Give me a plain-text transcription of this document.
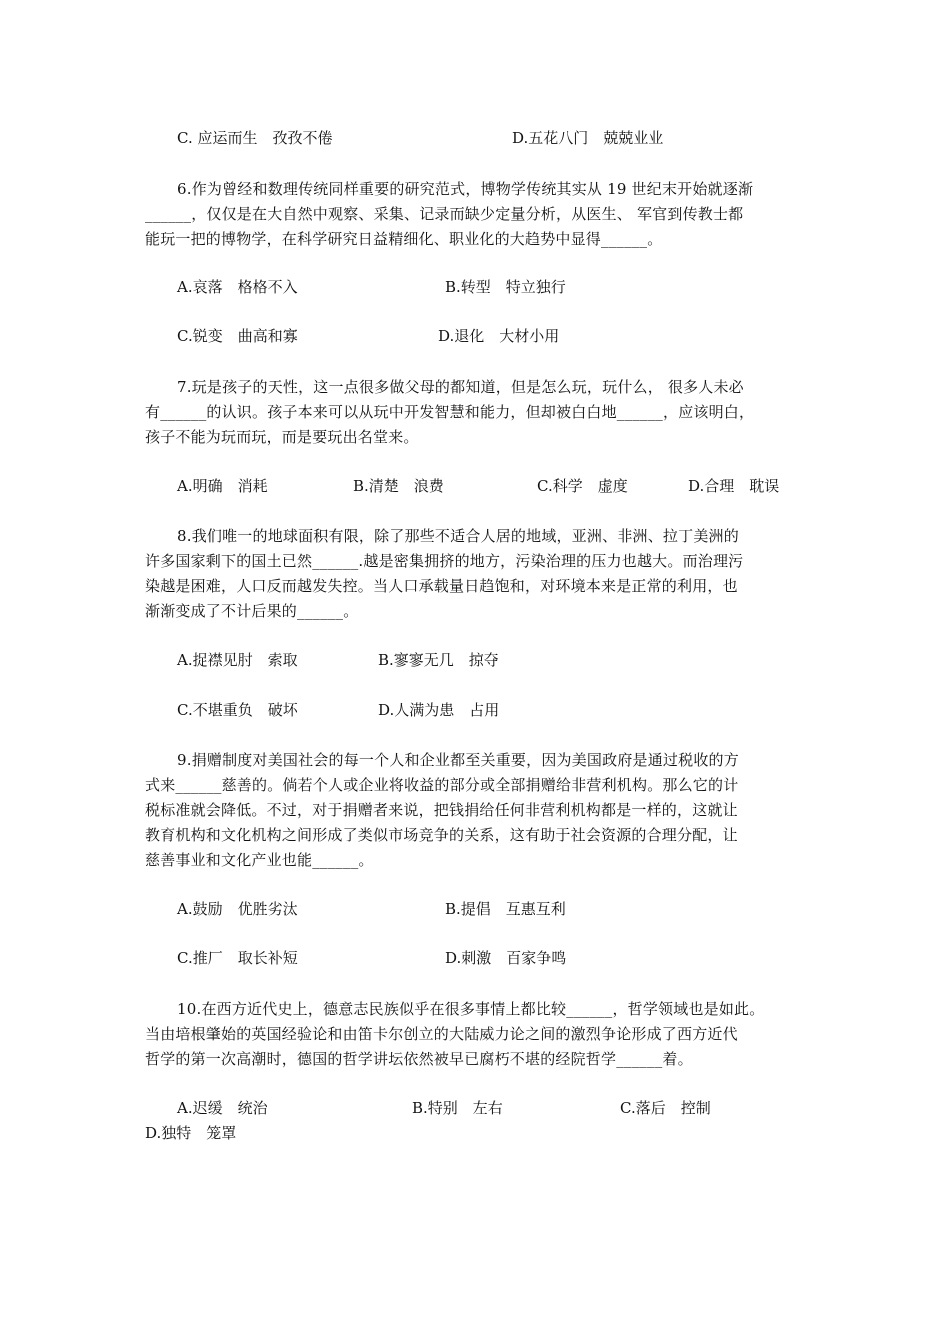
C. 应运而生　孜孜不倦	D.五花八门　兢兢业业
6.作为曾经和数理传统同样重要的研究范式，博物学传统其实从 19 世纪末开始就逐渐
______，仅仅是在大自然中观察、采集、记录而缺少定量分析，从医生、 军官到传教士都
能玩一把的博物学，在科学研究日益精细化、职业化的大趋势中显得______。
A.哀落　格格不入	B.转型　特立独行
C.锐变　曲高和寡	D.退化　大材小用
7.玩是孩子的天性，这一点很多做父母的都知道，但是怎么玩，玩什么， 很多人未必
有______的认识。孩子本来可以从玩中开发智慧和能力，但却被白白地______，应该明白，
孩子不能为玩而玩，而是要玩出名堂来。
A.明确　消耗	B.清楚　浪费	C.科学　虚度	D.合理　耽误
8.我们唯一的地球面积有限，除了那些不适合人居的地域，亚洲、非洲、拉丁美洲的
许多国家剩下的国土已然______.越是密集拥挤的地方，污染治理的压力也越大。而治理污
染越是困难，人口反而越发失控。当人口承载量日趋饱和，对环境本来是正常的利用，也
渐渐变成了不计后果的______。
A.捉襟见肘　索取	B.寥寥无几　掠夺
C.不堪重负　破坏	D.人满为患　占用
9.捐赠制度对美国社会的每一个人和企业都至关重要，因为美国政府是通过税收的方
式来______慈善的。倘若个人或企业将收益的部分或全部捐赠给非营利机构。那么它的计
税标准就会降低。不过，对于捐赠者来说，把钱捐给任何非营利机构都是一样的，这就让
教育机构和文化机构之间形成了类似市场竞争的关系，这有助于社会资源的合理分配，让
慈善事业和文化产业也能______。
A.鼓励　优胜劣汰	B.提倡　互惠互利
C.推厂　取长补短	D.刺激　百家争鸣
10.在西方近代史上，德意志民族似乎在很多事情上都比较______，哲学领域也是如此。
当由培根肇始的英国经验论和由笛卡尔创立的大陆威力论之间的激烈争论形成了西方近代
哲学的第一次高潮时，德国的哲学讲坛依然被早已腐朽不堪的经院哲学______着。
A.迟缓　统治	B.特别　左右	C.落后　控制
D.独特　笼罩
